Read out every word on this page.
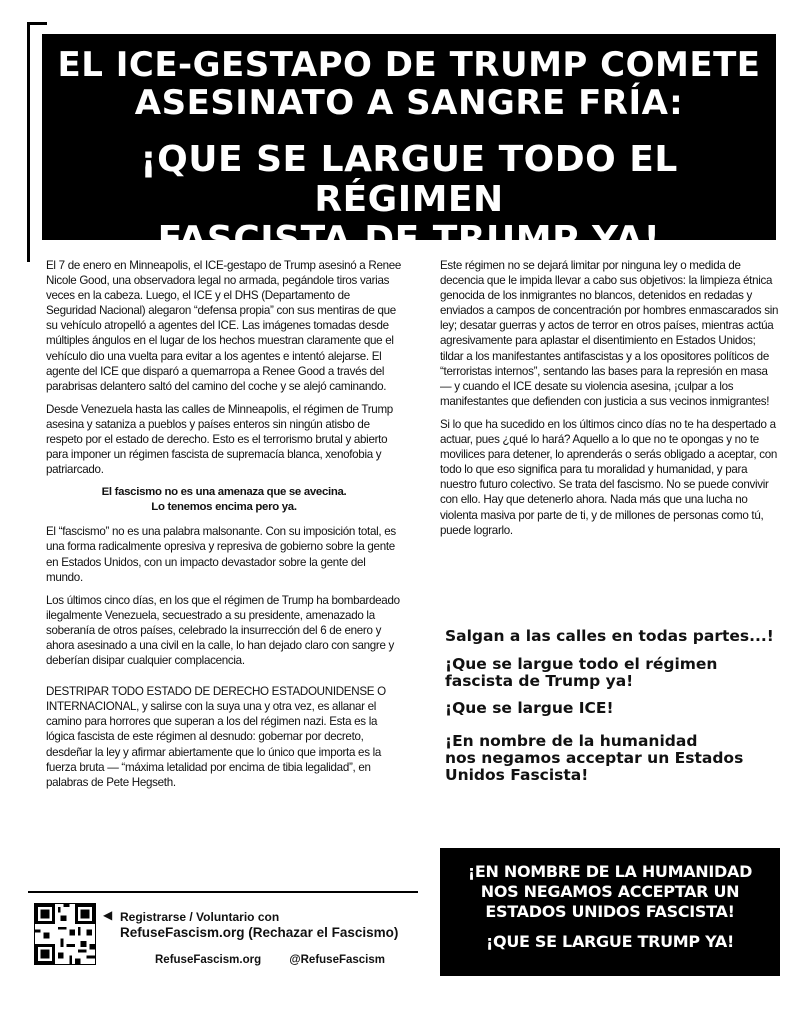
EL ICE-GESTAPO DE TRUMP COMETE
ASESINATO A SANGRE FRÍA:
¡QUE SE LARGUE TODO EL RÉGIMEN
FASCISTA DE TRUMP YA!

El 7 de enero en Minneapolis, el ICE-gestapo de Trump asesinó a Renee Nicole Good, una observadora legal no armada, pegándole tiros varias veces en la cabeza. Luego, el ICE y el DHS (Departamento de Seguridad Nacional) alegaron “defensa propia” con sus mentiras de que su vehículo atropelló a agentes del ICE. Las imágenes tomadas desde múltiples ángulos en el lugar de los hechos muestran claramente que el vehículo dio una vuelta para evitar a los agentes e intentó alejarse. El agente del ICE que disparó a quemarropa a Renee Good a través del parabrisas delantero saltó del camino del coche y se alejó caminando.

Desde Venezuela hasta las calles de Minneapolis, el régimen de Trump asesina y sataniza a pueblos y países enteros sin ningún atisbo de respeto por el estado de derecho. Esto es el terrorismo brutal y abierto para imponer un régimen fascista de supremacía blanca, xenofobia y patriarcado.

El fascismo no es una amenaza que se avecina.
Lo tenemos encima pero ya.

El “fascismo” no es una palabra malsonante. Con su imposición total, es una forma radicalmente opresiva y represiva de gobierno sobre la gente en Estados Unidos, con un impacto devastador sobre la gente del mundo.

Los últimos cinco días, en los que el régimen de Trump ha bombardeado ilegalmente Venezuela, secuestrado a su presidente, amenazado la soberanía de otros países, celebrado la insurrección del 6 de enero y ahora asesinado a una civil en la calle, lo han dejado claro con sangre y deberían disipar cualquier complacencia.

DESTRIPAR TODO ESTADO DE DERECHO ESTADOUNIDENSE O INTERNACIONAL, y salirse con la suya una y otra vez, es allanar el camino para horrores que superan a los del régimen nazi. Esta es la lógica fascista de este régimen al desnudo: gobernar por decreto, desdeñar la ley y afirmar abiertamente que lo único que importa es la fuerza bruta — “máxima letalidad por encima de tibia legalidad”, en palabras de Pete Hegseth.

Este régimen no se dejará limitar por ninguna ley o medida de decencia que le impida llevar a cabo sus objetivos: la limpieza étnica genocida de los inmigrantes no blancos, detenidos en redadas y enviados a campos de concentración por hombres enmascarados sin ley; desatar guerras y actos de terror en otros países, mientras actúa agresivamente para aplastar el disentimiento en Estados Unidos; tildar a los manifestantes antifascistas y a los opositores políticos de “terroristas internos”, sentando las bases para la represión en masa — y cuando el ICE desate su violencia asesina, ¡culpar a los manifestantes que defienden con justicia a sus vecinos inmigrantes!

Si lo que ha sucedido en los últimos cinco días no te ha despertado a actuar, pues ¿qué lo hará? Aquello a lo que no te opongas y no te movilices para detener, lo aprenderás o serás obligado a aceptar, con todo lo que eso significa para tu moralidad y humanidad, y para nuestro futuro colectivo. Se trata del fascismo. No se puede convivir con ello. Hay que detenerlo ahora. Nada más que una lucha no violenta masiva por parte de ti, y de millones de personas como tú, puede lograrlo.

Salgan a las calles en todas partes...!
¡Que se largue todo el régimen
fascista de Trump ya!
¡Que se largue ICE!
¡En nombre de la humanidad
nos negamos acceptar un Estados
Unidos Fascista!
◀ Registrarse / Voluntario con
RefuseFascism.org (Rechazar el Fascismo)
RefuseFascism.org @RefuseFascism
¡EN NOMBRE DE LA HUMANIDAD
NOS NEGAMOS ACCEPTAR UN
ESTADOS UNIDOS FASCISTA!
¡QUE SE LARGUE TRUMP YA!
